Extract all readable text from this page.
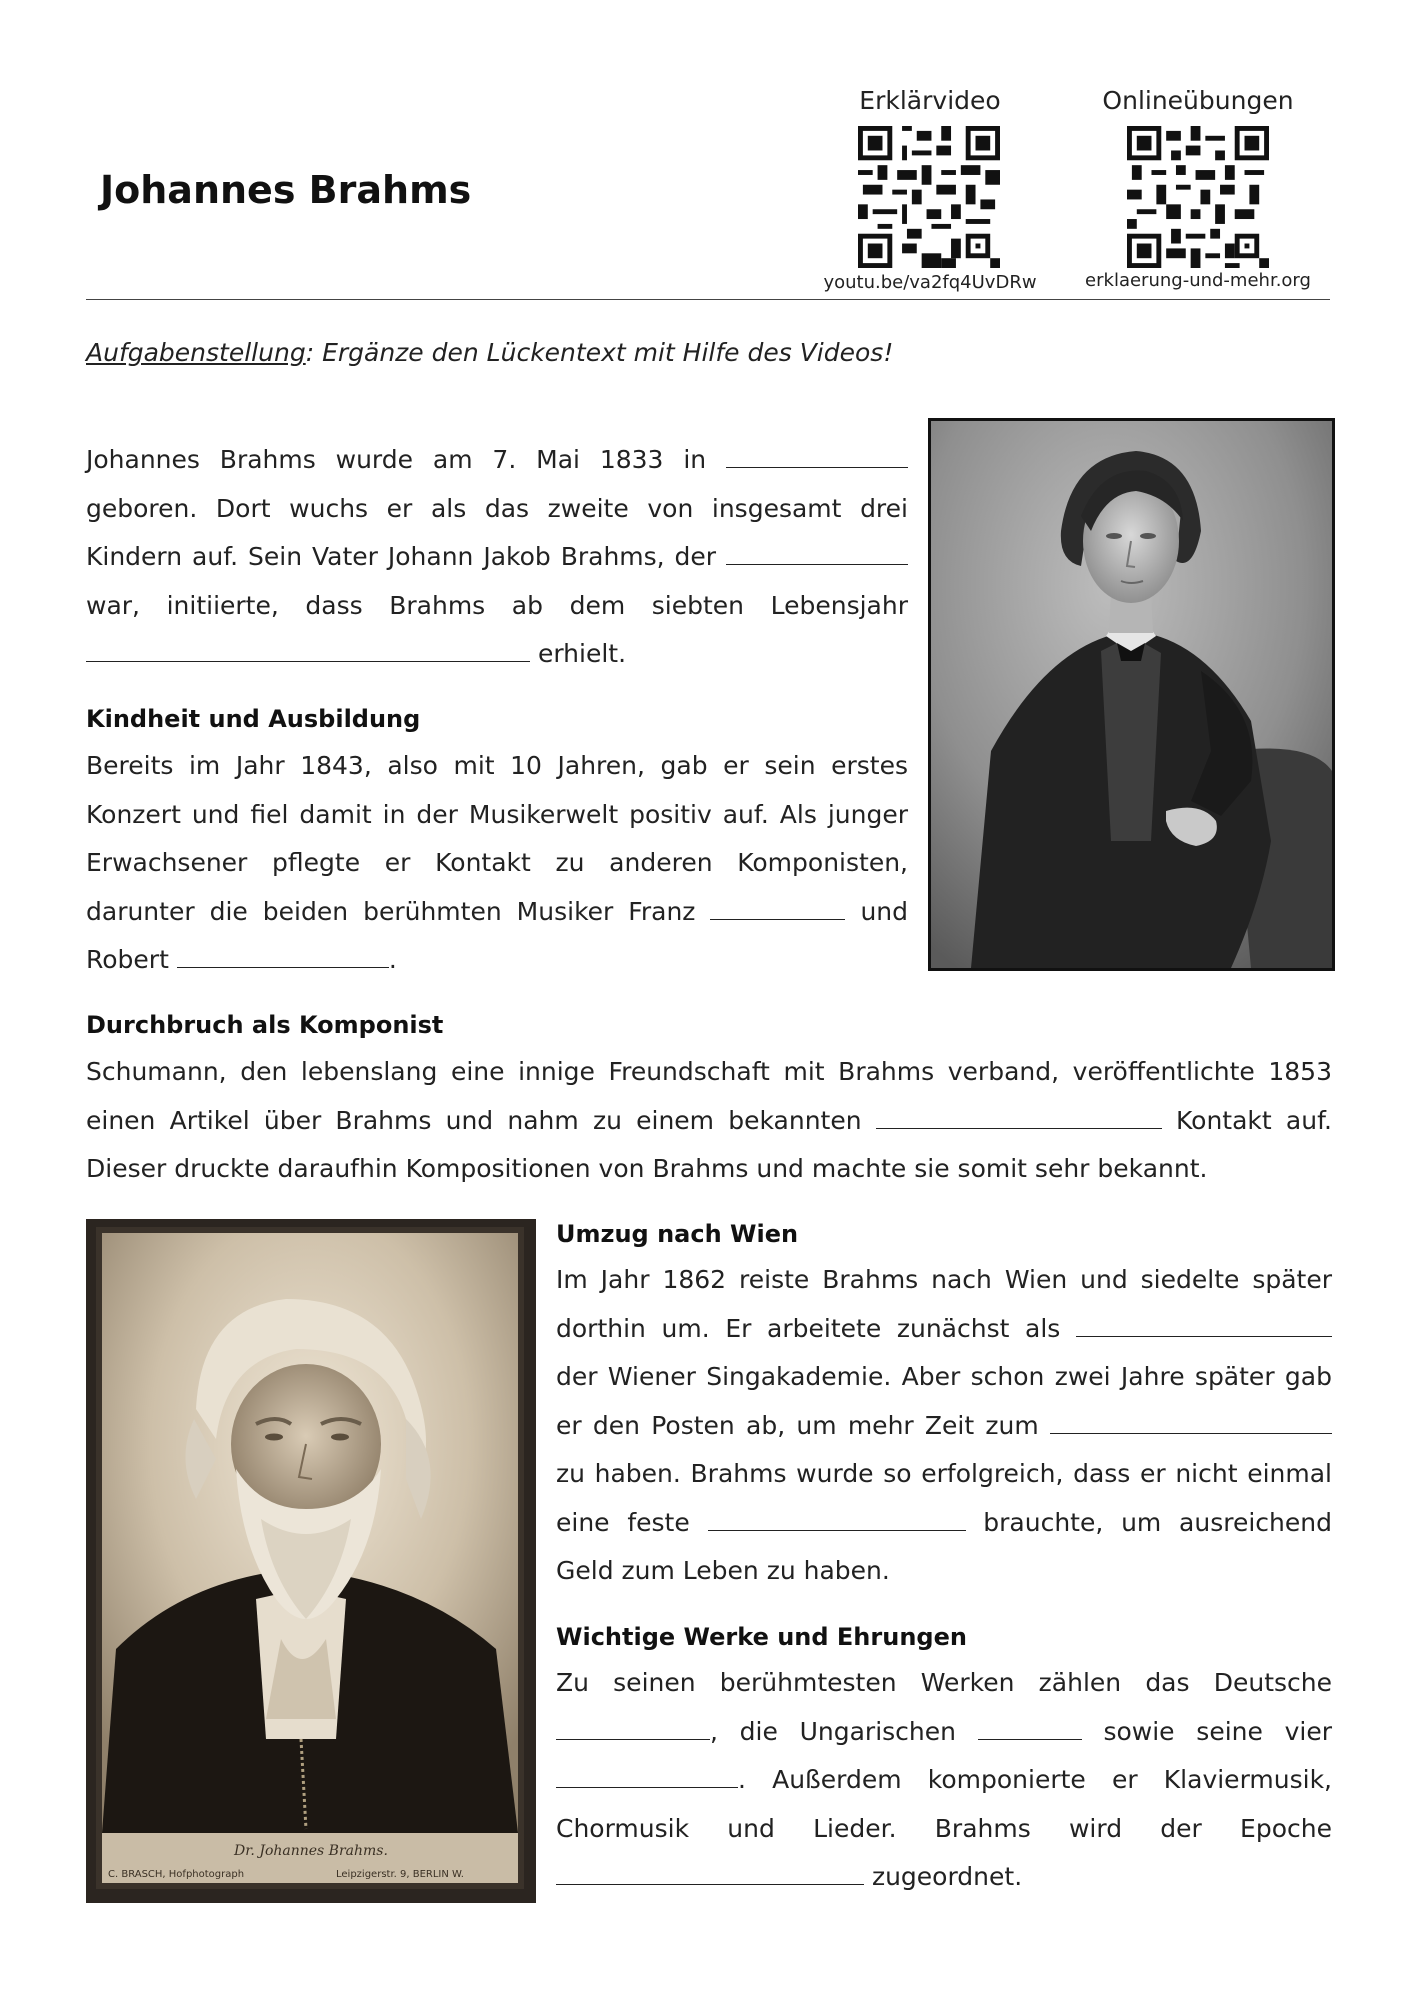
Johannes Brahms
Erklärvideo
youtu.be/va2fq4UvDRw
Onlineübungen
erklaerung-und-mehr.org
Aufgabenstellung: Ergänze den Lückentext mit Hilfe des Videos!
Johannes Brahms wurde am 7. Mai 1833 in  geboren. Dort wuchs er als das zweite von insgesamt drei Kindern auf. Sein Vater Johann Jakob Brahms, der  war, initiierte, dass Brahms ab dem siebten Lebensjahr  erhielt.
Kindheit und Ausbildung
Bereits im Jahr 1843, also mit 10 Jahren, gab er sein erstes Konzert und fiel damit in der Musikerwelt positiv auf. Als junger Erwachsener pflegte er Kontakt zu anderen Komponisten, darunter die beiden berühmten Musiker Franz	und Robert	.
Durchbruch als Komponist
Schumann, den lebenslang eine innige Freundschaft mit Brahms verband, veröffentlichte 1853 einen Artikel über Brahms und nahm zu einem bekannten	Kontakt auf. Dieser druckte daraufhin Kompositionen von Brahms und machte sie somit sehr bekannt.
Dr. Johannes Brahms.
C. BRASCH, Hofphotograph	Leipzigerstr. 9, BERLIN W.
Umzug nach Wien
Im Jahr 1862 reiste Brahms nach Wien und siedelte später dorthin um. Er arbeitete zunächst als  der Wiener Singakademie. Aber schon zwei Jahre später gab er den Posten ab, um mehr Zeit zum  zu haben. Brahms wurde so erfolgreich, dass er nicht einmal eine feste	brauchte, um ausreichend Geld zum Leben zu haben.
Wichtige Werke und Ehrungen
Zu seinen berühmtesten Werken zählen das Deutsche , die Ungarischen	sowie seine vier . Außerdem komponierte er Klaviermusik, Chormusik und Lieder. Brahms wird der Epoche  zugeordnet.
